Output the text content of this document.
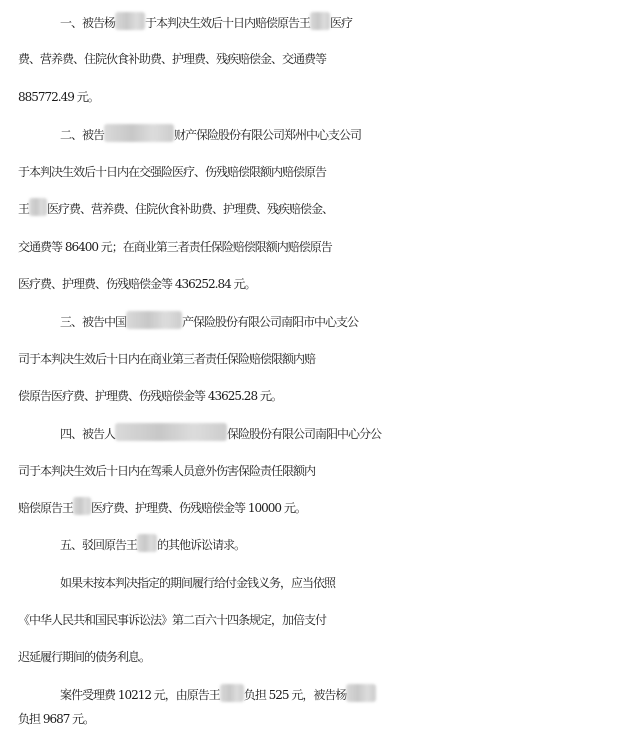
一、被告杨	于本判决生效后十日内赔偿原告王 医疗
费、营养费、住院伙食补助费、护理费、残疾赔偿金、交通费等
885772.49 元。
二、被告	财产保险股份有限公司郑州中心支公司
于本判决生效后十日内在交强险医疗、伤残赔偿限额内赔偿原告
王 医疗费、营养费、住院伙食补助费、护理费、残疾赔偿金、
交通费等 86400 元；在商业第三者责任保险赔偿限额内赔偿原告
医疗费、护理费、伤残赔偿金等 436252.84 元。
三、被告中国	产保险股份有限公司南阳市中心支公
司于本判决生效后十日内在商业第三者责任保险赔偿限额内赔
偿原告医疗费、护理费、伤残赔偿金等 43625.28 元。
四、被告人	保险股份有限公司南阳中心分公
司于本判决生效后十日内在驾乘人员意外伤害保险责任限额内
赔偿原告王 医疗费、护理费、伤残赔偿金等 10000 元。
五、驳回原告王 的其他诉讼请求。
如果未按本判决指定的期间履行给付金钱义务，应当依照
《中华人民共和国民事诉讼法》第二百六十四条规定，加倍支付
迟延履行期间的债务利息。
案件受理费 10212 元，由原告王 负担 525 元，被告杨
负担 9687 元。
